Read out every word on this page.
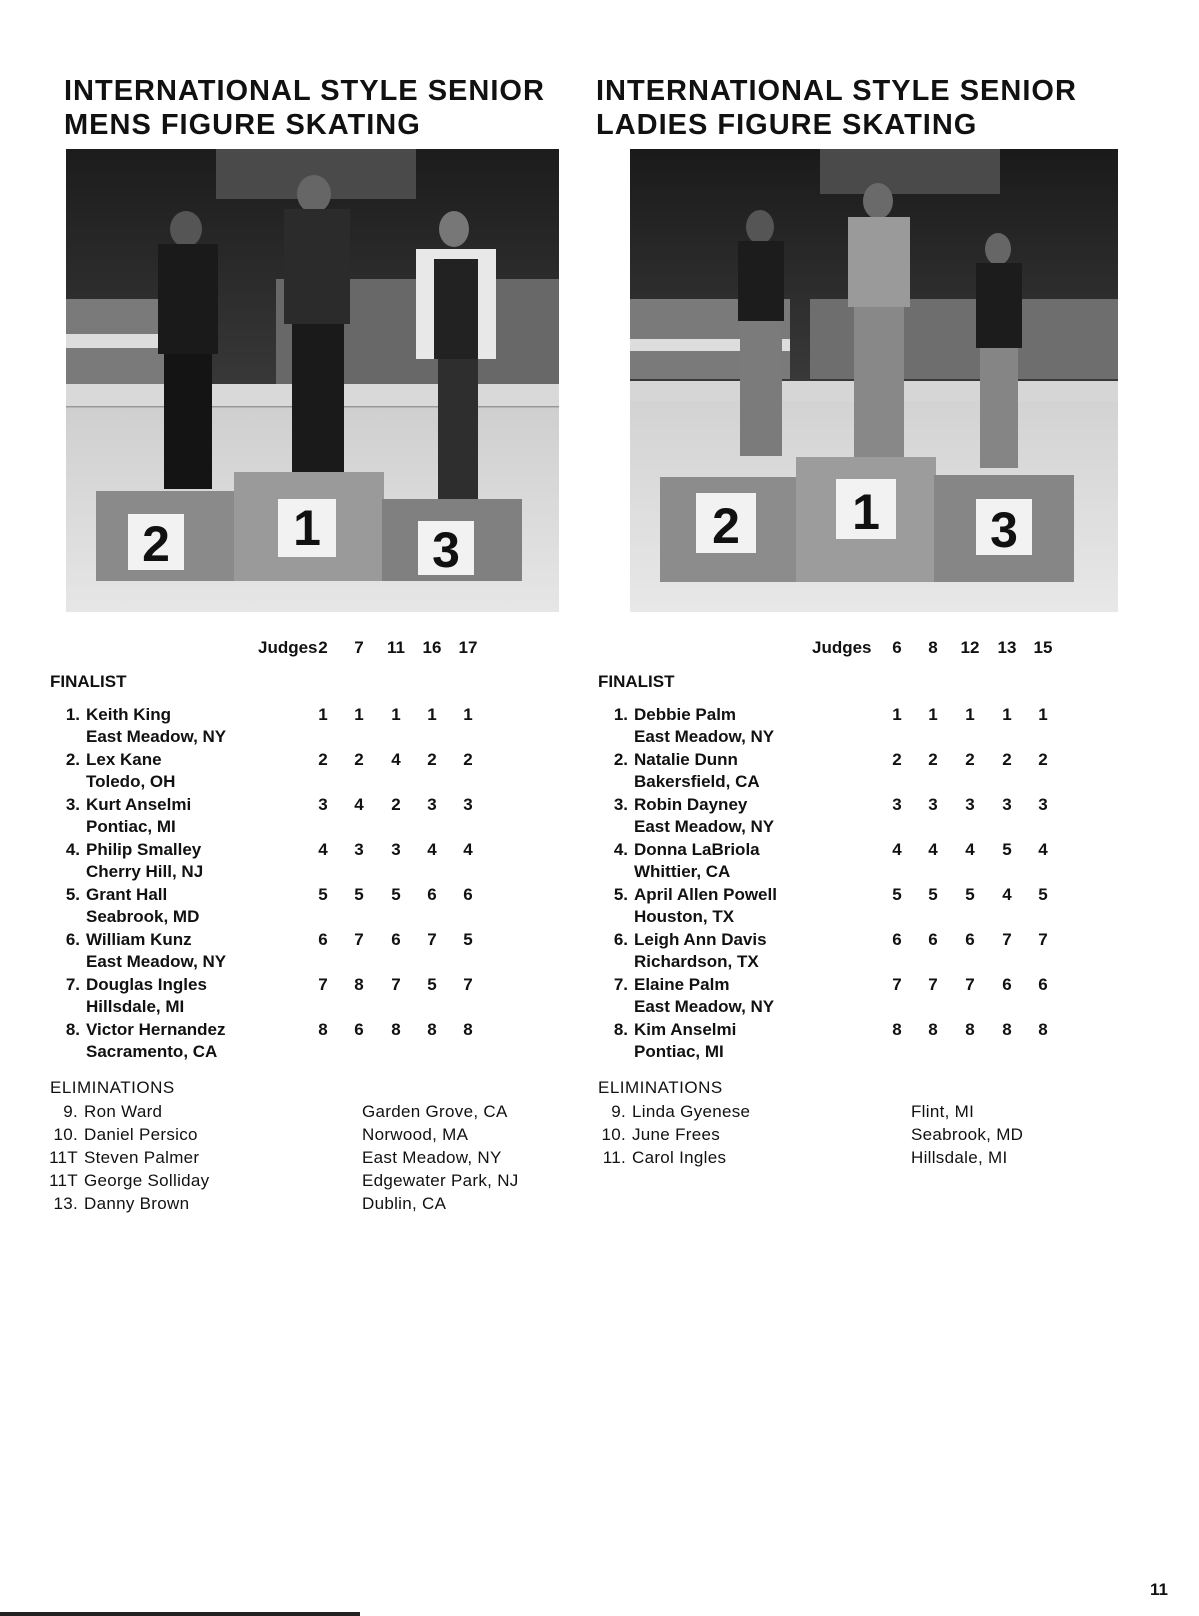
INTERNATIONAL STYLE SENIOR
MENS FIGURE SKATING
2 1 3
Judges 2	7	11	16	17
FINALIST
1. Keith King
East Meadow, NY
1	1	1	1	1
2. Lex Kane
Toledo, OH
2	2	4	2	2
3. Kurt Anselmi
Pontiac, MI
3	4	2	3	3
4. Philip Smalley
Cherry Hill, NJ
4	3	3	4	4
5. Grant Hall
Seabrook, MD
5	5	5	6	6
6. William Kunz
East Meadow, NY
6	7	6	7	5
7. Douglas Ingles
Hillsdale, MI
7	8	7	5	7
8. Victor Hernandez
Sacramento, CA
8	6	8	8	8
ELIMINATIONS
9. Ron Ward	Garden Grove, CA
10. Daniel Persico	Norwood, MA
11T Steven Palmer	East Meadow, NY
11T George Solliday	Edgewater Park, NJ
13. Danny Brown	Dublin, CA
INTERNATIONAL STYLE SENIOR
LADIES FIGURE SKATING
2 1 3
Judges	6	8	12	13	15
FINALIST
1. Debbie Palm
East Meadow, NY
1	1	1	1	1
2. Natalie Dunn
Bakersfield, CA
2	2	2	2	2
3. Robin Dayney
East Meadow, NY
3	3	3	3	3
4. Donna LaBriola
Whittier, CA
4	4	4	5	4
5. April Allen Powell
Houston, TX
5	5	5	4	5
6. Leigh Ann Davis
Richardson, TX
6	6	6	7	7
7. Elaine Palm
East Meadow, NY
7	7	7	6	6
8. Kim Anselmi
Pontiac, MI
8	8	8	8	8
ELIMINATIONS
9. Linda Gyenese	Flint, MI
10. June Frees	Seabrook, MD
11. Carol Ingles	Hillsdale, MI
11
